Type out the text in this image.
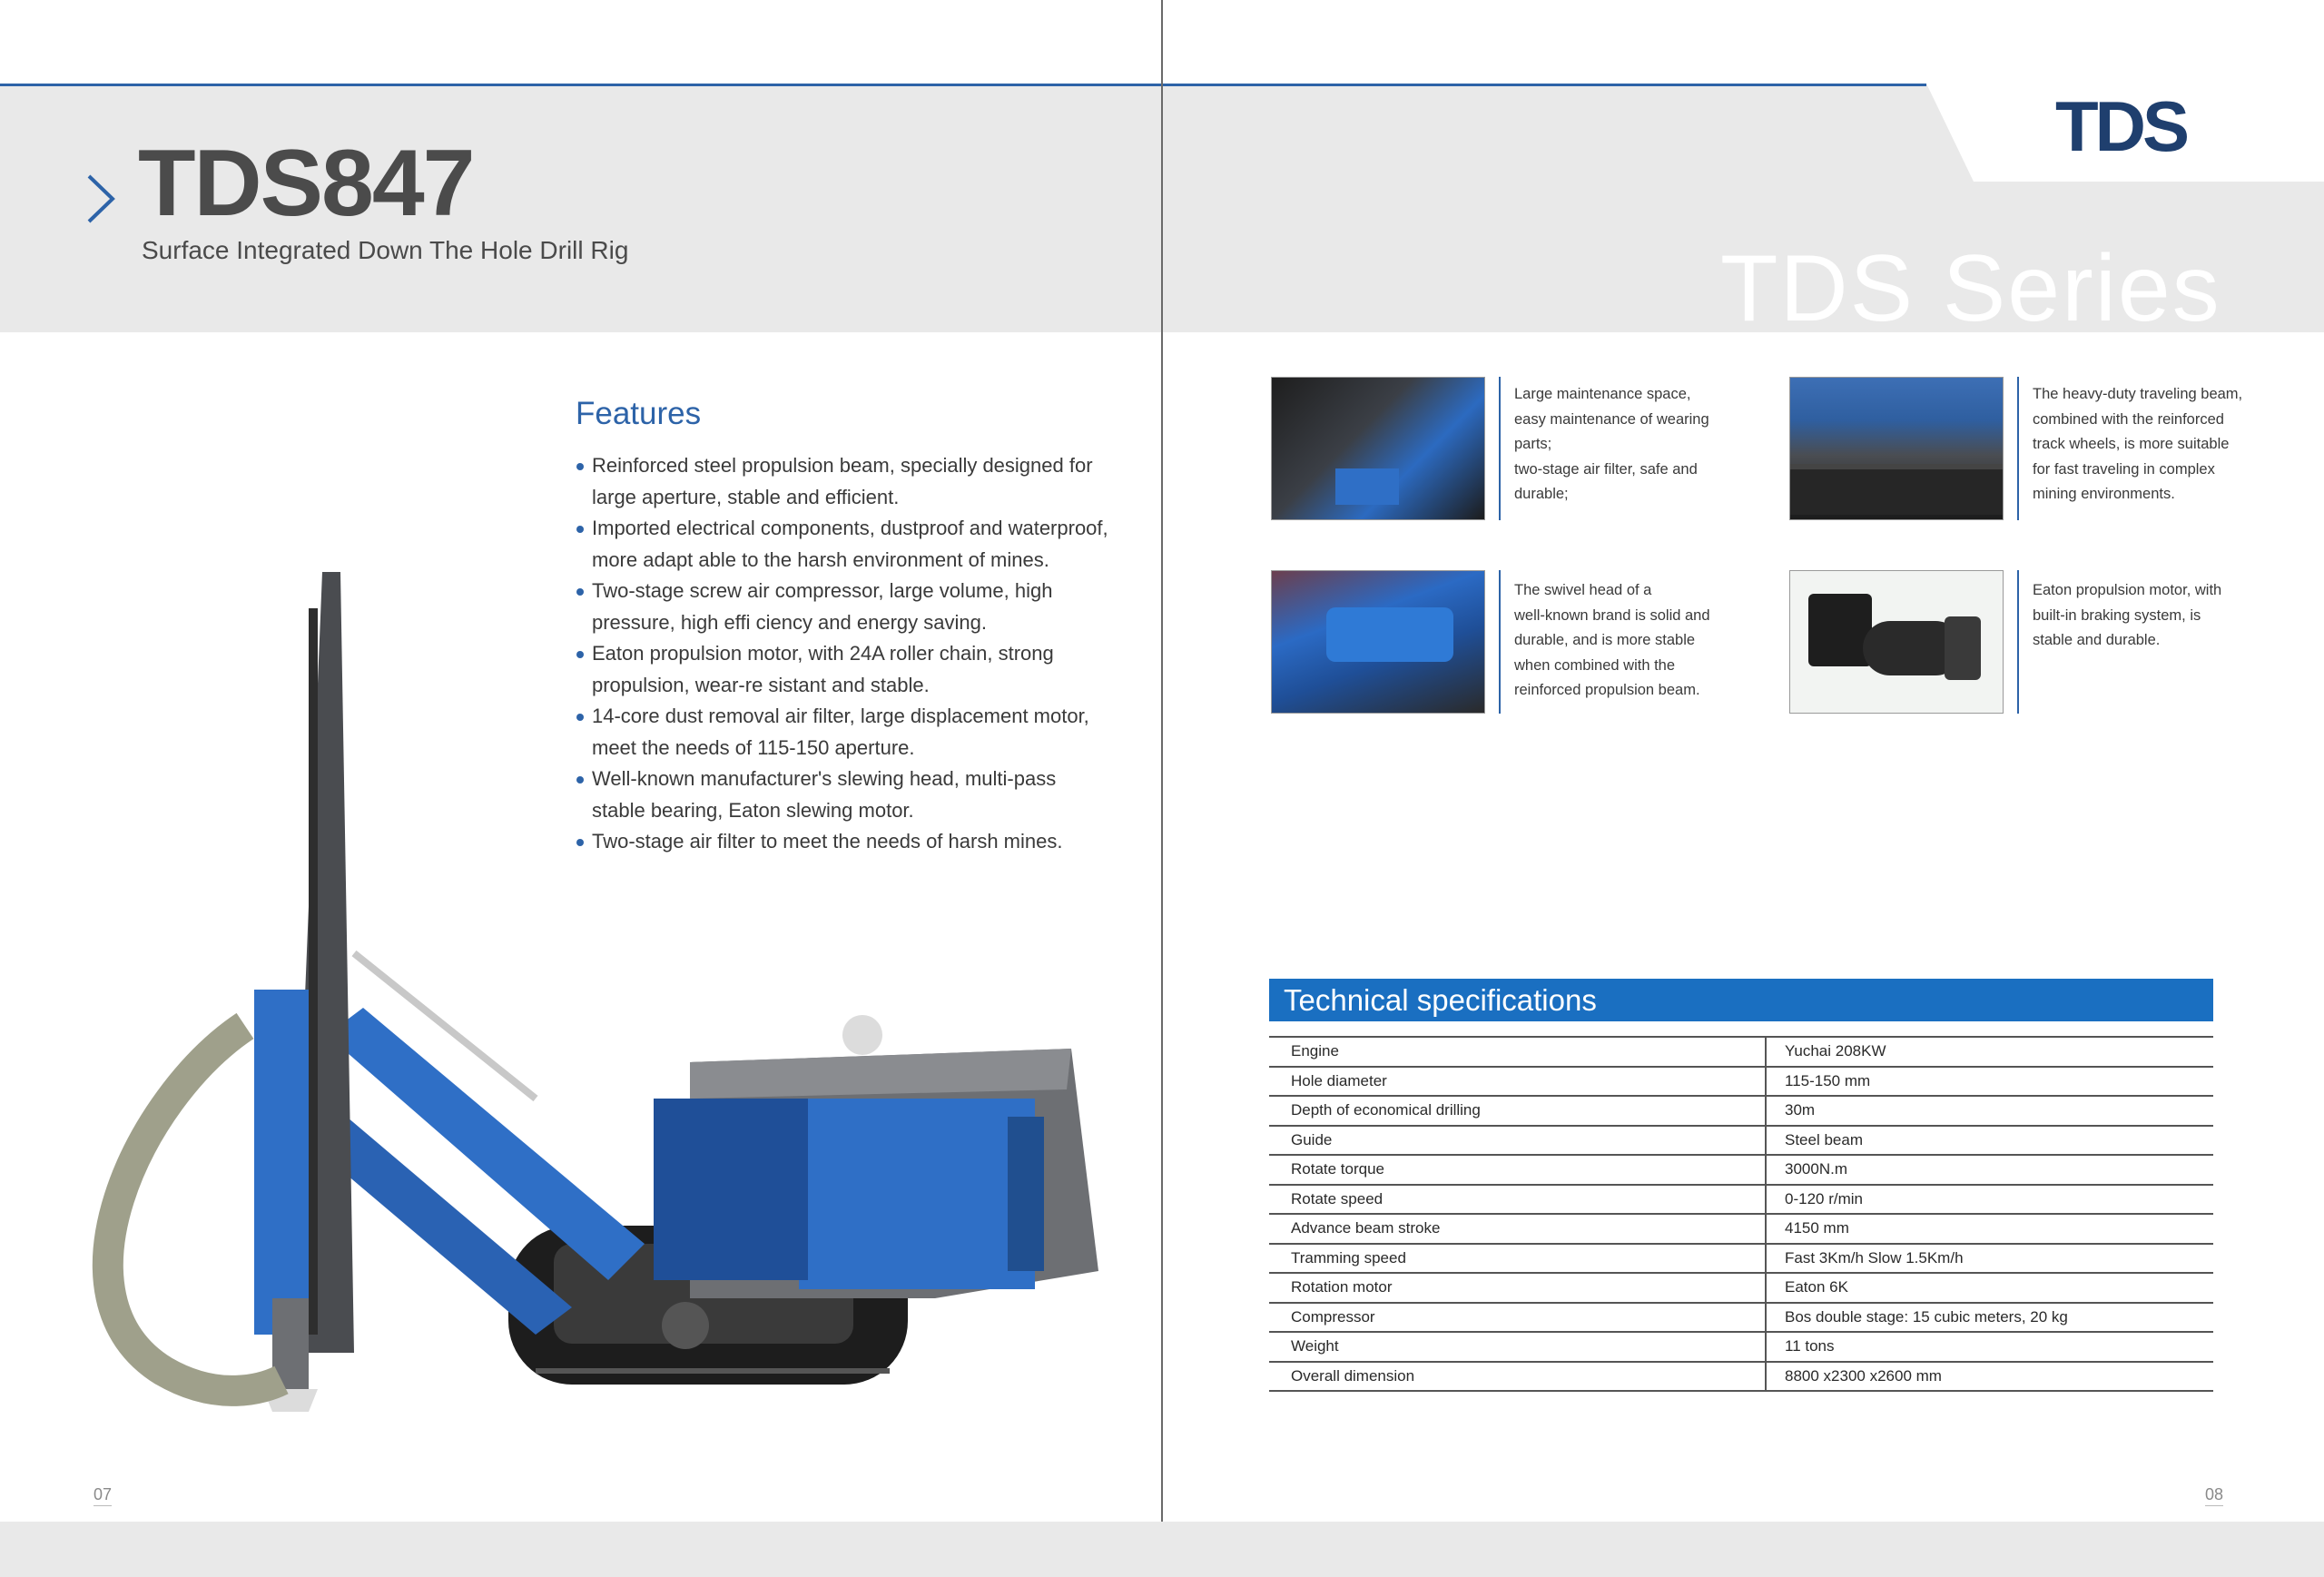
TDS
TDS Series
TDS847
Surface Integrated Down The Hole Drill Rig
Features
Reinforced steel propulsion beam, specially designed for
large aperture, stable and efficient.
Imported electrical components, dustproof and waterproof,
more adapt able to the harsh environment of mines.
Two-stage screw air compressor, large volume, high
pressure, high effi ciency and energy saving.
Eaton propulsion motor, with 24A roller chain, strong
propulsion, wear-re sistant and stable.
14-core dust removal air filter, large displacement motor,
meet the needs of 115-150 aperture.
Well-known manufacturer's slewing head, multi-pass
stable bearing, Eaton slewing motor.
Two-stage air filter to meet the needs of harsh mines.
Large maintenance space,
easy maintenance of wearing
parts;
two-stage air filter, safe and
durable;
The heavy-duty traveling beam,
combined with the reinforced
track wheels, is more suitable
for fast traveling in complex
mining environments.
The swivel head of a
well-known brand is solid and
durable, and is more stable
when combined with the
reinforced propulsion beam.
Eaton propulsion motor, with
built-in braking system, is
stable and durable.
Technical specifications
Engine	Yuchai 208KW
Hole diameter	115-150 mm
Depth of economical drilling	30m
Guide	Steel beam
Rotate torque	3000N.m
Rotate speed	0-120 r/min
Advance beam stroke	4150 mm
Tramming speed	Fast 3Km/h Slow 1.5Km/h
Rotation motor	Eaton 6K
Compressor	Bos double stage: 15 cubic meters, 20 kg
Weight	11 tons
Overall dimension	8800 x2300 x2600 mm
07	08
